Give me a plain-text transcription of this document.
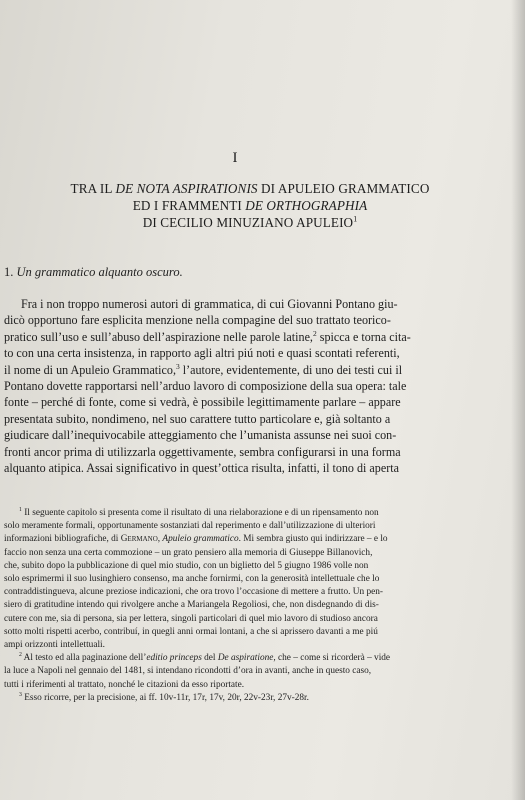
I
TRA IL DE NOTA ASPIRATIONIS DI APULEIO GRAMMATICO
ED I FRAMMENTI DE ORTHOGRAPHIA
DI CECILIO MINUZIANO APULEIO$^1$
1. Un grammatico alquanto oscuro.
Fra i non troppo numerosi autori di grammatica, di cui Giovanni Pontano giu-
dicò opportuno fare esplicita menzione nella compagine del suo trattato teorico-
pratico sull’uso e sull’abuso dell’aspirazione nelle parole latine,$^2$ spicca e torna cita-
to con una certa insistenza, in rapporto agli altri piú noti e quasi scontati referenti,
il nome di un Apuleio Grammatico,$^3$ l’autore, evidentemente, di uno dei testi cui il
Pontano dovette rapportarsi nell’arduo lavoro di composizione della sua opera: tale
fonte – perché di fonte, come si vedrà, è possibile legittimamente parlare – appare
presentata subito, nondimeno, nel suo carattere tutto particolare e, già soltanto a
giudicare dall’inequivocabile atteggiamento che l’umanista assunse nei suoi con-
fronti ancor prima di utilizzarla oggettivamente, sembra configurarsi in una forma
alquanto atipica. Assai significativo in quest’ottica risulta, infatti, il tono di aperta
$^1$ Il seguente capitolo si presenta come il risultato di una rielaborazione e di un ripensamento non
solo meramente formali, opportunamente sostanziati dal reperimento e dall’utilizzazione di ulteriori
informazioni bibliografiche, di Germano, Apuleio grammatico. Mi sembra giusto qui indirizzare – e lo
faccio non senza una certa commozione – un grato pensiero alla memoria di Giuseppe Billanovich,
che, subito dopo la pubblicazione di quel mio studio, con un biglietto del 5 giugno 1986 volle non
solo esprimermi il suo lusinghiero consenso, ma anche fornirmi, con la generosità intellettuale che lo
contraddistingueva, alcune preziose indicazioni, che ora trovo l’occasione di mettere a frutto. Un pen-
siero di gratitudine intendo qui rivolgere anche a Mariangela Regoliosi, che, non disdegnando di dis-
cutere con me, sia di persona, sia per lettera, singoli particolari di quel mio lavoro di studioso ancora
sotto molti rispetti acerbo, contribuí, in quegli anni ormai lontani, a che si aprissero davanti a me piú
ampi orizzonti intellettuali.
$^2$ Al testo ed alla paginazione dell’editio princeps del De aspiratione, che – come si ricorderà – vide
la luce a Napoli nel gennaio del 1481, si intendano ricondotti d’ora in avanti, anche in questo caso,
tutti i riferimenti al trattato, nonché le citazioni da esso riportate.
$^3$ Esso ricorre, per la precisione, ai ff. 10v-11r, 17r, 17v, 20r, 22v-23r, 27v-28r.
